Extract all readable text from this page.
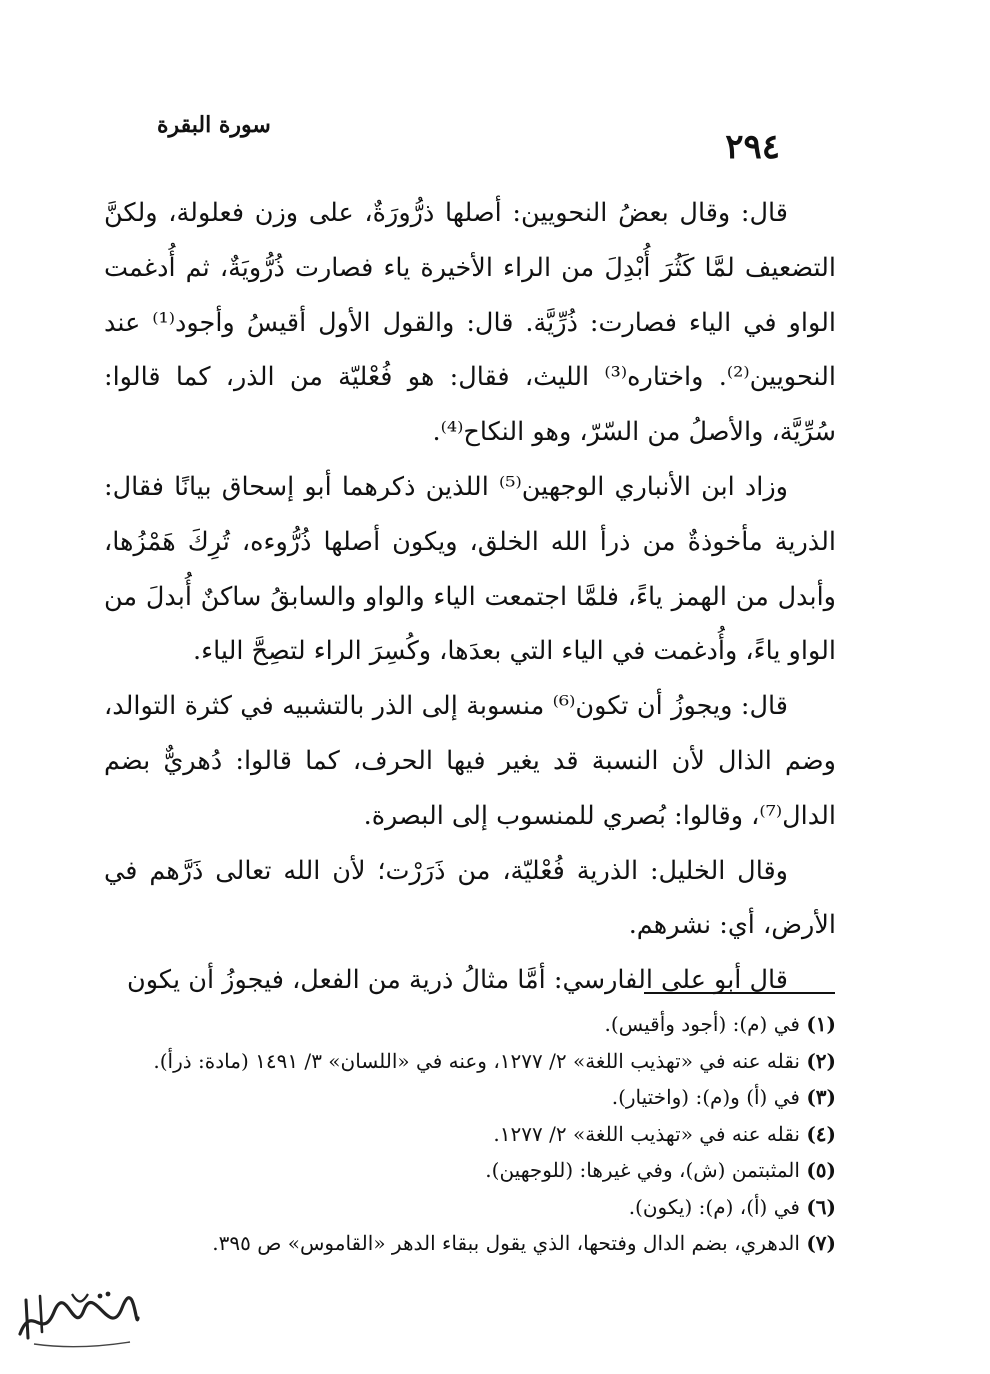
سورة البقرة
٢٩٤

قال: وقال بعضُ النحويين: أصلها ذرُّورَةٌ، على وزن فعلولة، ولكنَّ التضعيف لمَّا كَثُرَ أُبْدِلَ من الراء الأخيرة ياء فصارت ذُرُّويَةٌ، ثم أُدغمت الواو في الياء فصارت: ذُرِّيَّة. قال: والقول الأول أقيسُ وأجود⁽¹⁾ عند النحويين⁽²⁾. واختاره⁽³⁾ الليث، فقال: هو فُعْليّة من الذر، كما قالوا: سُرِّيَّة، والأصلُ من السّرّ، وهو النكاح⁽⁴⁾.

وزاد ابن الأنباري الوجهين⁽⁵⁾ اللذين ذكرهما أبو إسحاق بيانًا فقال: الذرية مأخوذةٌ من ذرأ الله الخلق، ويكون أصلها ذُرُّوءه، تُرِكَ هَمْزُها، وأبدل من الهمز ياءً، فلمَّا اجتمعت الياء والواو والسابقُ ساكنٌ أُبدلَ من الواو ياءً، وأُدغمت في الياء التي بعدَها، وكُسِرَ الراء لتصِحَّ الياء.

قال: ويجوزُ أن تكون⁽⁶⁾ منسوبة إلى الذر بالتشبيه في كثرة التوالد، وضم الذال لأن النسبة قد يغير فيها الحرف، كما قالوا: دُهريٌّ بضم الدال⁽⁷⁾، وقالوا: بُصري للمنسوب إلى البصرة.

وقال الخليل: الذرية فُعْليّة، من ذَرَرْت؛ لأن الله تعالى ذَرَّهم في الأرض، أي: نشرهم.

قال أبو على الفارسي: أمَّا مثالُ ذرية من الفعل، فيجوزُ أن يكون

(١) في (م): (أجود وأقيس).
(٢) نقله عنه في «تهذيب اللغة» ٢/ ١٢٧٧، وعنه في «اللسان» ٣/ ١٤٩١ (مادة: ذرأ).
(٣) في (أ) و(م): (واختيار).
(٤) نقله عنه في «تهذيب اللغة» ٢/ ١٢٧٧.
(٥) المثبتمن (ش)، وفي غيرها: (للوجهين).
(٦) في (أ)، (م): (يكون).
(٧) الدهري، بضم الدال وفتحها، الذي يقول ببقاء الدهر «القاموس» ص ٣٩٥.
